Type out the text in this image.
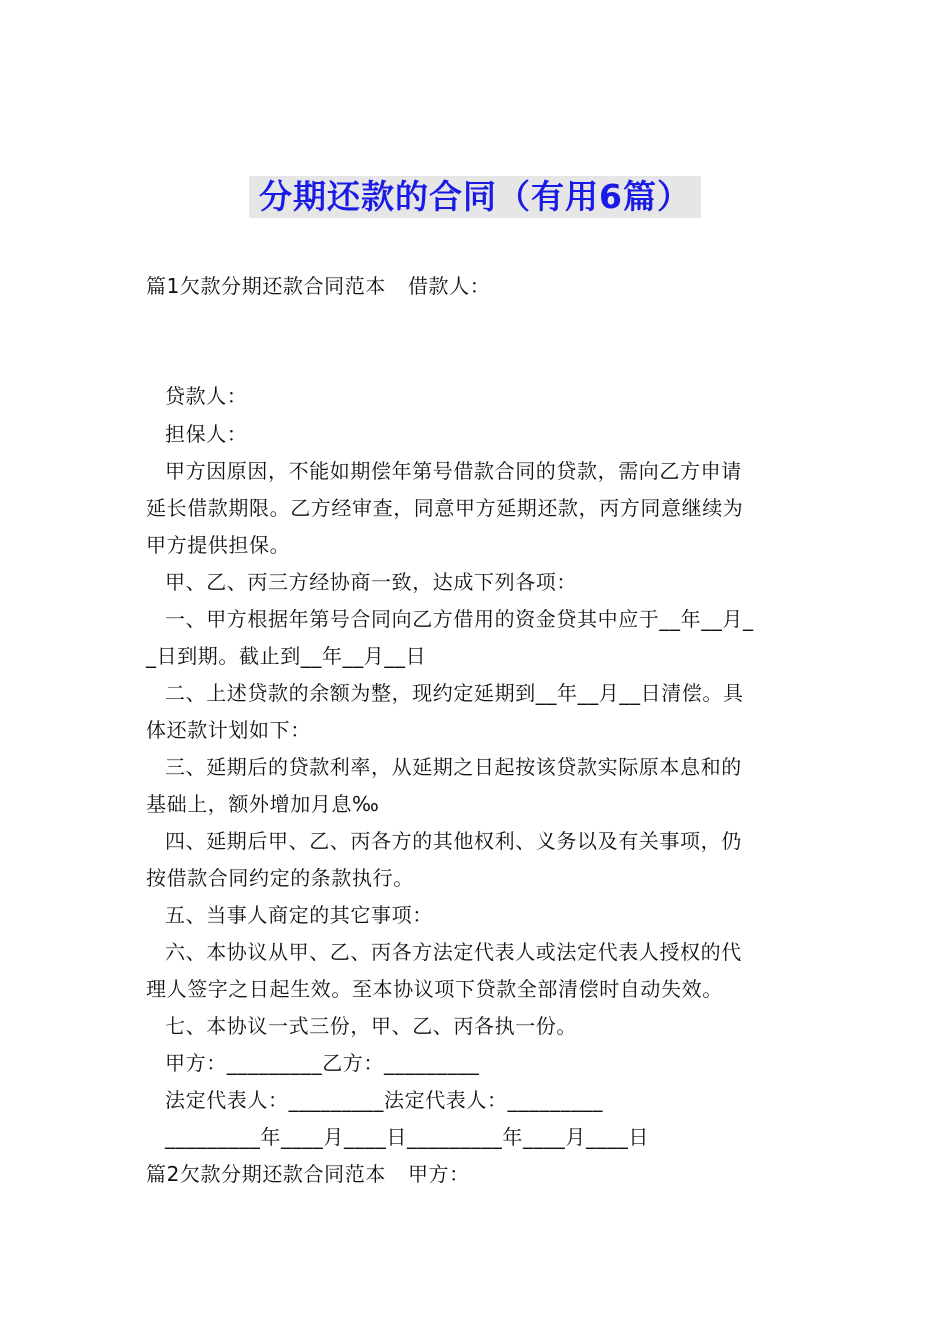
分期还款的合同（有用6篇）
篇1欠款分期还款合同范本 借款人：
贷款人：
担保人：
甲方因原因，不能如期偿年第号借款合同的贷款，需向乙方申请
延长借款期限。乙方经审查，同意甲方延期还款，丙方同意继续为
甲方提供担保。
甲、乙、丙三方经协商一致，达成下列各项：
一、甲方根据年第号合同向乙方借用的资金贷其中应于__年__月_
_日到期。截止到__年__月__日
二、上述贷款的余额为整，现约定延期到__年__月__日清偿。具
体还款计划如下：
三、延期后的贷款利率，从延期之日起按该贷款实际原本息和的
基础上，额外增加月息‰
四、延期后甲、乙、丙各方的其他权利、义务以及有关事项，仍
按借款合同约定的条款执行。
五、当事人商定的其它事项：
六、本协议从甲、乙、丙各方法定代表人或法定代表人授权的代
理人签字之日起生效。至本协议项下贷款全部清偿时自动失效。
七、本协议一式三份，甲、乙、丙各执一份。
甲方：_________乙方：_________
法定代表人：_________法定代表人：_________
_________年____月____日_________年____月____日
篇2欠款分期还款合同范本 甲方：
